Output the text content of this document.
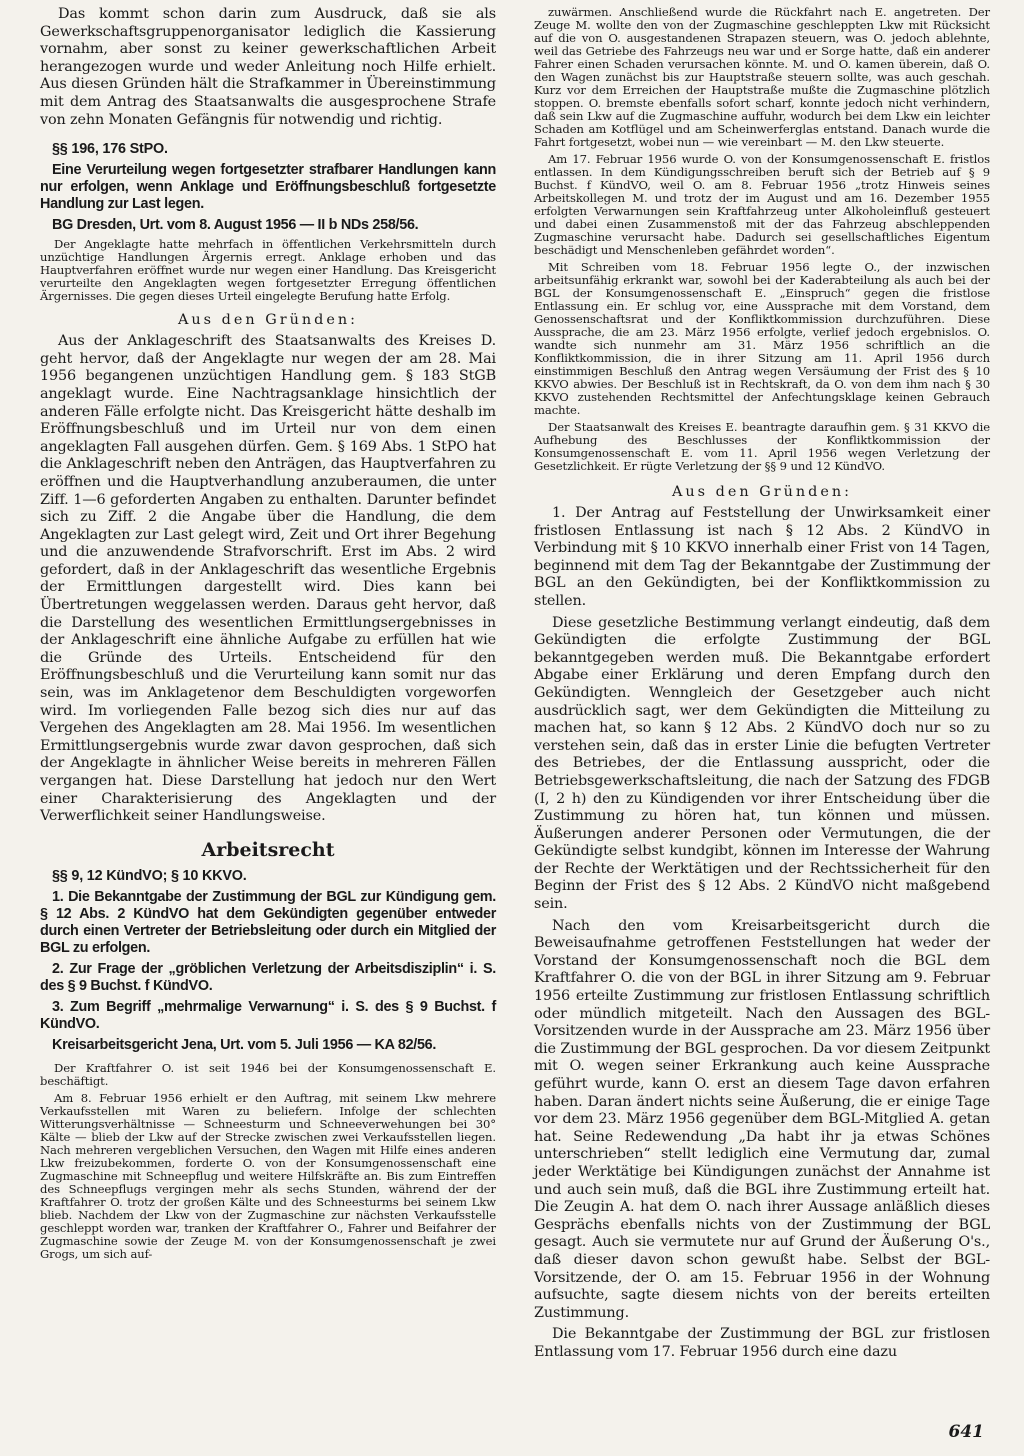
Das kommt schon darin zum Ausdruck, daß sie als Gewerkschaftsgruppenorganisator lediglich die Kassierung vornahm, aber sonst zu keiner gewerkschaftlichen Arbeit herangezogen wurde und weder Anleitung noch Hilfe erhielt. Aus diesen Gründen hält die Strafkammer in Übereinstimmung mit dem Antrag des Staatsanwalts die ausgesprochene Strafe von zehn Monaten Gefängnis für notwendig und richtig.

§§ 196, 176 StPO.

Eine Verurteilung wegen fortgesetzter strafbarer Handlungen kann nur erfolgen, wenn Anklage und Eröffnungsbeschluß fortgesetzte Handlung zur Last legen.

BG Dresden, Urt. vom 8. August 1956 — II b NDs 258/56.

Der Angeklagte hatte mehrfach in öffentlichen Verkehrsmitteln durch unzüchtige Handlungen Ärgernis erregt. Anklage erhoben und das Hauptverfahren eröffnet wurde nur wegen einer Handlung. Das Kreisgericht verurteilte den Angeklagten wegen fortgesetzter Erregung öffentlichen Ärgernisses. Die gegen dieses Urteil eingelegte Berufung hatte Erfolg.

Aus den Gründen:

Aus der Anklageschrift des Staatsanwalts des Kreises D. geht hervor, daß der Angeklagte nur wegen der am 28. Mai 1956 begangenen unzüchtigen Handlung gem. § 183 StGB angeklagt wurde. Eine Nachtragsanklage hinsichtlich der anderen Fälle erfolgte nicht. Das Kreisgericht hätte deshalb im Eröffnungsbeschluß und im Urteil nur von dem einen angeklagten Fall ausgehen dürfen. Gem. § 169 Abs. 1 StPO hat die Anklageschrift neben den Anträgen, das Hauptverfahren zu eröffnen und die Hauptverhandlung anzuberaumen, die unter Ziff. 1—6 geforderten Angaben zu enthalten. Darunter befindet sich zu Ziff. 2 die Angabe über die Handlung, die dem Angeklagten zur Last gelegt wird, Zeit und Ort ihrer Begehung und die anzuwendende Strafvorschrift. Erst im Abs. 2 wird gefordert, daß in der Anklageschrift das wesentliche Ergebnis der Ermittlungen dargestellt wird. Dies kann bei Übertretungen weggelassen werden. Daraus geht hervor, daß die Darstellung des wesentlichen Ermittlungsergebnisses in der Anklageschrift eine ähnliche Aufgabe zu erfüllen hat wie die Gründe des Urteils. Entscheidend für den Eröffnungsbeschluß und die Verurteilung kann somit nur das sein, was im Anklagetenor dem Beschuldigten vorgeworfen wird. Im vorliegenden Falle bezog sich dies nur auf das Vergehen des Angeklagten am 28. Mai 1956. Im wesentlichen Ermittlungsergebnis wurde zwar davon gesprochen, daß sich der Angeklagte in ähnlicher Weise bereits in mehreren Fällen vergangen hat. Diese Darstellung hat jedoch nur den Wert einer Charakterisierung des Angeklagten und der Verwerflichkeit seiner Handlungsweise.

Arbeitsrecht

§§ 9, 12 KündVO; § 10 KKVO.

1. Die Bekanntgabe der Zustimmung der BGL zur Kündigung gem. § 12 Abs. 2 KündVO hat dem Gekündigten gegenüber entweder durch einen Vertreter der Betriebsleitung oder durch ein Mitglied der BGL zu erfolgen.

2. Zur Frage der „gröblichen Verletzung der Arbeitsdisziplin“ i. S. des § 9 Buchst. f KündVO.

3. Zum Begriff „mehrmalige Verwarnung“ i. S. des § 9 Buchst. f KündVO.

Kreisarbeitsgericht Jena, Urt. vom 5. Juli 1956 — KA 82/56.

Der Kraftfahrer O. ist seit 1946 bei der Konsumgenossenschaft E. beschäftigt.

Am 8. Februar 1956 erhielt er den Auftrag, mit seinem Lkw mehrere Verkaufsstellen mit Waren zu beliefern. Infolge der schlechten Witterungsverhältnisse — Schneesturm und Schneeverwehungen bei 30° Kälte — blieb der Lkw auf der Strecke zwischen zwei Verkaufsstellen liegen. Nach mehreren vergeblichen Versuchen, den Wagen mit Hilfe eines anderen Lkw freizubekommen, forderte O. von der Konsumgenossenschaft eine Zugmaschine mit Schneepflug und weitere Hilfskräfte an. Bis zum Eintreffen des Schneepflugs vergingen mehr als sechs Stunden, während der der Kraftfahrer O. trotz der großen Kälte und des Schneesturms bei seinem Lkw blieb. Nachdem der Lkw von der Zugmaschine zur nächsten Verkaufsstelle geschleppt worden war, tranken der Kraftfahrer O., Fahrer und Beifahrer der Zugmaschine sowie der Zeuge M. von der Konsumgenossenschaft je zwei Grogs, um sich auf-

zuwärmen. Anschließend wurde die Rückfahrt nach E. angetreten. Der Zeuge M. wollte den von der Zugmaschine geschleppten Lkw mit Rücksicht auf die von O. ausgestandenen Strapazen steuern, was O. jedoch ablehnte, weil das Getriebe des Fahrzeugs neu war und er Sorge hatte, daß ein anderer Fahrer einen Schaden verursachen könnte. M. und O. kamen überein, daß O. den Wagen zunächst bis zur Hauptstraße steuern sollte, was auch geschah. Kurz vor dem Erreichen der Hauptstraße mußte die Zugmaschine plötzlich stoppen. O. bremste ebenfalls sofort scharf, konnte jedoch nicht verhindern, daß sein Lkw auf die Zugmaschine auffuhr, wodurch bei dem Lkw ein leichter Schaden am Kotflügel und am Scheinwerferglas entstand. Danach wurde die Fahrt fortgesetzt, wobei nun — wie vereinbart — M. den Lkw steuerte.

Am 17. Februar 1956 wurde O. von der Konsumgenossenschaft E. fristlos entlassen. In dem Kündigungsschreiben beruft sich der Betrieb auf § 9 Buchst. f KündVO, weil O. am 8. Februar 1956 „trotz Hinweis seines Arbeitskollegen M. und trotz der im August und am 16. Dezember 1955 erfolgten Verwarnungen sein Kraftfahrzeug unter Alkoholeinfluß gesteuert und dabei einen Zusammenstoß mit der das Fahrzeug abschleppenden Zugmaschine verursacht habe. Dadurch sei gesellschaftliches Eigentum beschädigt und Menschenleben gefährdet worden“.

Mit Schreiben vom 18. Februar 1956 legte O., der inzwischen arbeitsunfähig erkrankt war, sowohl bei der Kaderabteilung als auch bei der BGL der Konsumgenossenschaft E. „Einspruch“ gegen die fristlose Entlassung ein. Er schlug vor, eine Aussprache mit dem Vorstand, dem Genossenschaftsrat und der Konfliktkommission durchzuführen. Diese Aussprache, die am 23. März 1956 erfolgte, verlief jedoch ergebnislos. O. wandte sich nunmehr am 31. März 1956 schriftlich an die Konfliktkommission, die in ihrer Sitzung am 11. April 1956 durch einstimmigen Beschluß den Antrag wegen Versäumung der Frist des § 10 KKVO abwies. Der Beschluß ist in Rechtskraft, da O. von dem ihm nach § 30 KKVO zustehenden Rechtsmittel der Anfechtungsklage keinen Gebrauch machte.

Der Staatsanwalt des Kreises E. beantragte daraufhin gem. § 31 KKVO die Aufhebung des Beschlusses der Konfliktkommission der Konsumgenossenschaft E. vom 11. April 1956 wegen Verletzung der Gesetzlichkeit. Er rügte Verletzung der §§ 9 und 12 KündVO.

Aus den Gründen:

1. Der Antrag auf Feststellung der Unwirksamkeit einer fristlosen Entlassung ist nach § 12 Abs. 2 KündVO in Verbindung mit § 10 KKVO innerhalb einer Frist von 14 Tagen, beginnend mit dem Tag der Bekanntgabe der Zustimmung der BGL an den Gekündigten, bei der Konfliktkommission zu stellen.

Diese gesetzliche Bestimmung verlangt eindeutig, daß dem Gekündigten die erfolgte Zustimmung der BGL bekanntgegeben werden muß. Die Bekanntgabe erfordert Abgabe einer Erklärung und deren Empfang durch den Gekündigten. Wenngleich der Gesetzgeber auch nicht ausdrücklich sagt, wer dem Gekündigten die Mitteilung zu machen hat, so kann § 12 Abs. 2 KündVO doch nur so zu verstehen sein, daß das in erster Linie die befugten Vertreter des Betriebes, der die Entlassung ausspricht, oder die Betriebsgewerkschaftsleitung, die nach der Satzung des FDGB (I, 2 h) den zu Kündigenden vor ihrer Entscheidung über die Zustimmung zu hören hat, tun können und müssen. Äußerungen anderer Personen oder Vermutungen, die der Gekündigte selbst kundgibt, können im Interesse der Wahrung der Rechte der Werktätigen und der Rechtssicherheit für den Beginn der Frist des § 12 Abs. 2 KündVO nicht maßgebend sein.

Nach den vom Kreisarbeitsgericht durch die Beweisaufnahme getroffenen Feststellungen hat weder der Vorstand der Konsumgenossenschaft noch die BGL dem Kraftfahrer O. die von der BGL in ihrer Sitzung am 9. Februar 1956 erteilte Zustimmung zur fristlosen Entlassung schriftlich oder mündlich mitgeteilt. Nach den Aussagen des BGL-Vorsitzenden wurde in der Aussprache am 23. März 1956 über die Zustimmung der BGL gesprochen. Da vor diesem Zeitpunkt mit O. wegen seiner Erkrankung auch keine Aussprache geführt wurde, kann O. erst an diesem Tage davon erfahren haben. Daran ändert nichts seine Äußerung, die er einige Tage vor dem 23. März 1956 gegenüber dem BGL-Mitglied A. getan hat. Seine Redewendung „Da habt ihr ja etwas Schönes unterschrieben“ stellt lediglich eine Vermutung dar, zumal jeder Werktätige bei Kündigungen zunächst der Annahme ist und auch sein muß, daß die BGL ihre Zustimmung erteilt hat. Die Zeugin A. hat dem O. nach ihrer Aussage anläßlich dieses Gesprächs ebenfalls nichts von der Zustimmung der BGL gesagt. Auch sie vermutete nur auf Grund der Äußerung O's., daß dieser davon schon gewußt habe. Selbst der BGL-Vorsitzende, der O. am 15. Februar 1956 in der Wohnung aufsuchte, sagte diesem nichts von der bereits erteilten Zustimmung.

Die Bekanntgabe der Zustimmung der BGL zur fristlosen Entlassung vom 17. Februar 1956 durch eine dazu

641
